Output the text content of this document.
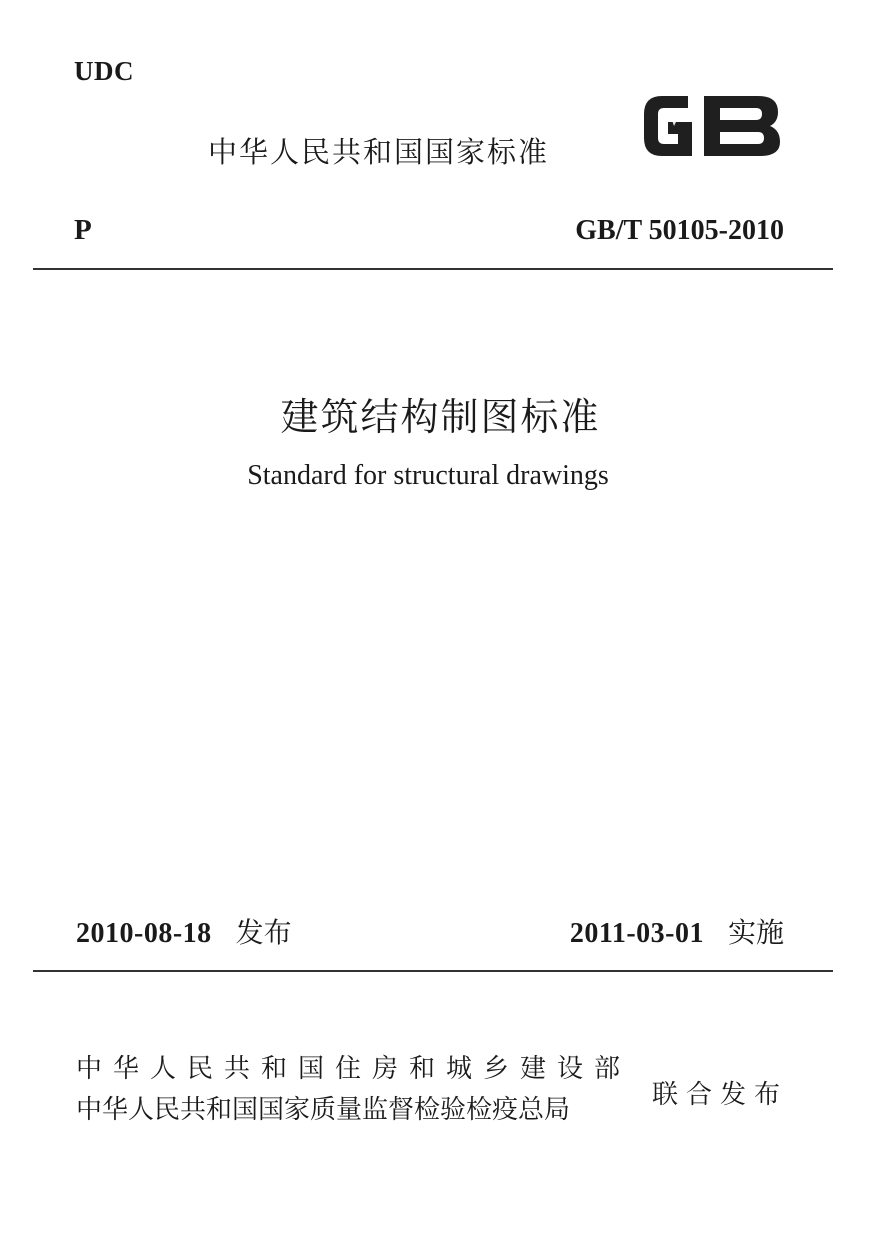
UDC
中华人民共和国国家标准
P	GB/T 50105-2010
建筑结构制图标准
Standard for structural drawings
2010-08-18 发布	2011-03-01 实施
中华人民共和国住房和城乡建设部
中华人民共和国国家质量监督检验检疫总局	联合发布
